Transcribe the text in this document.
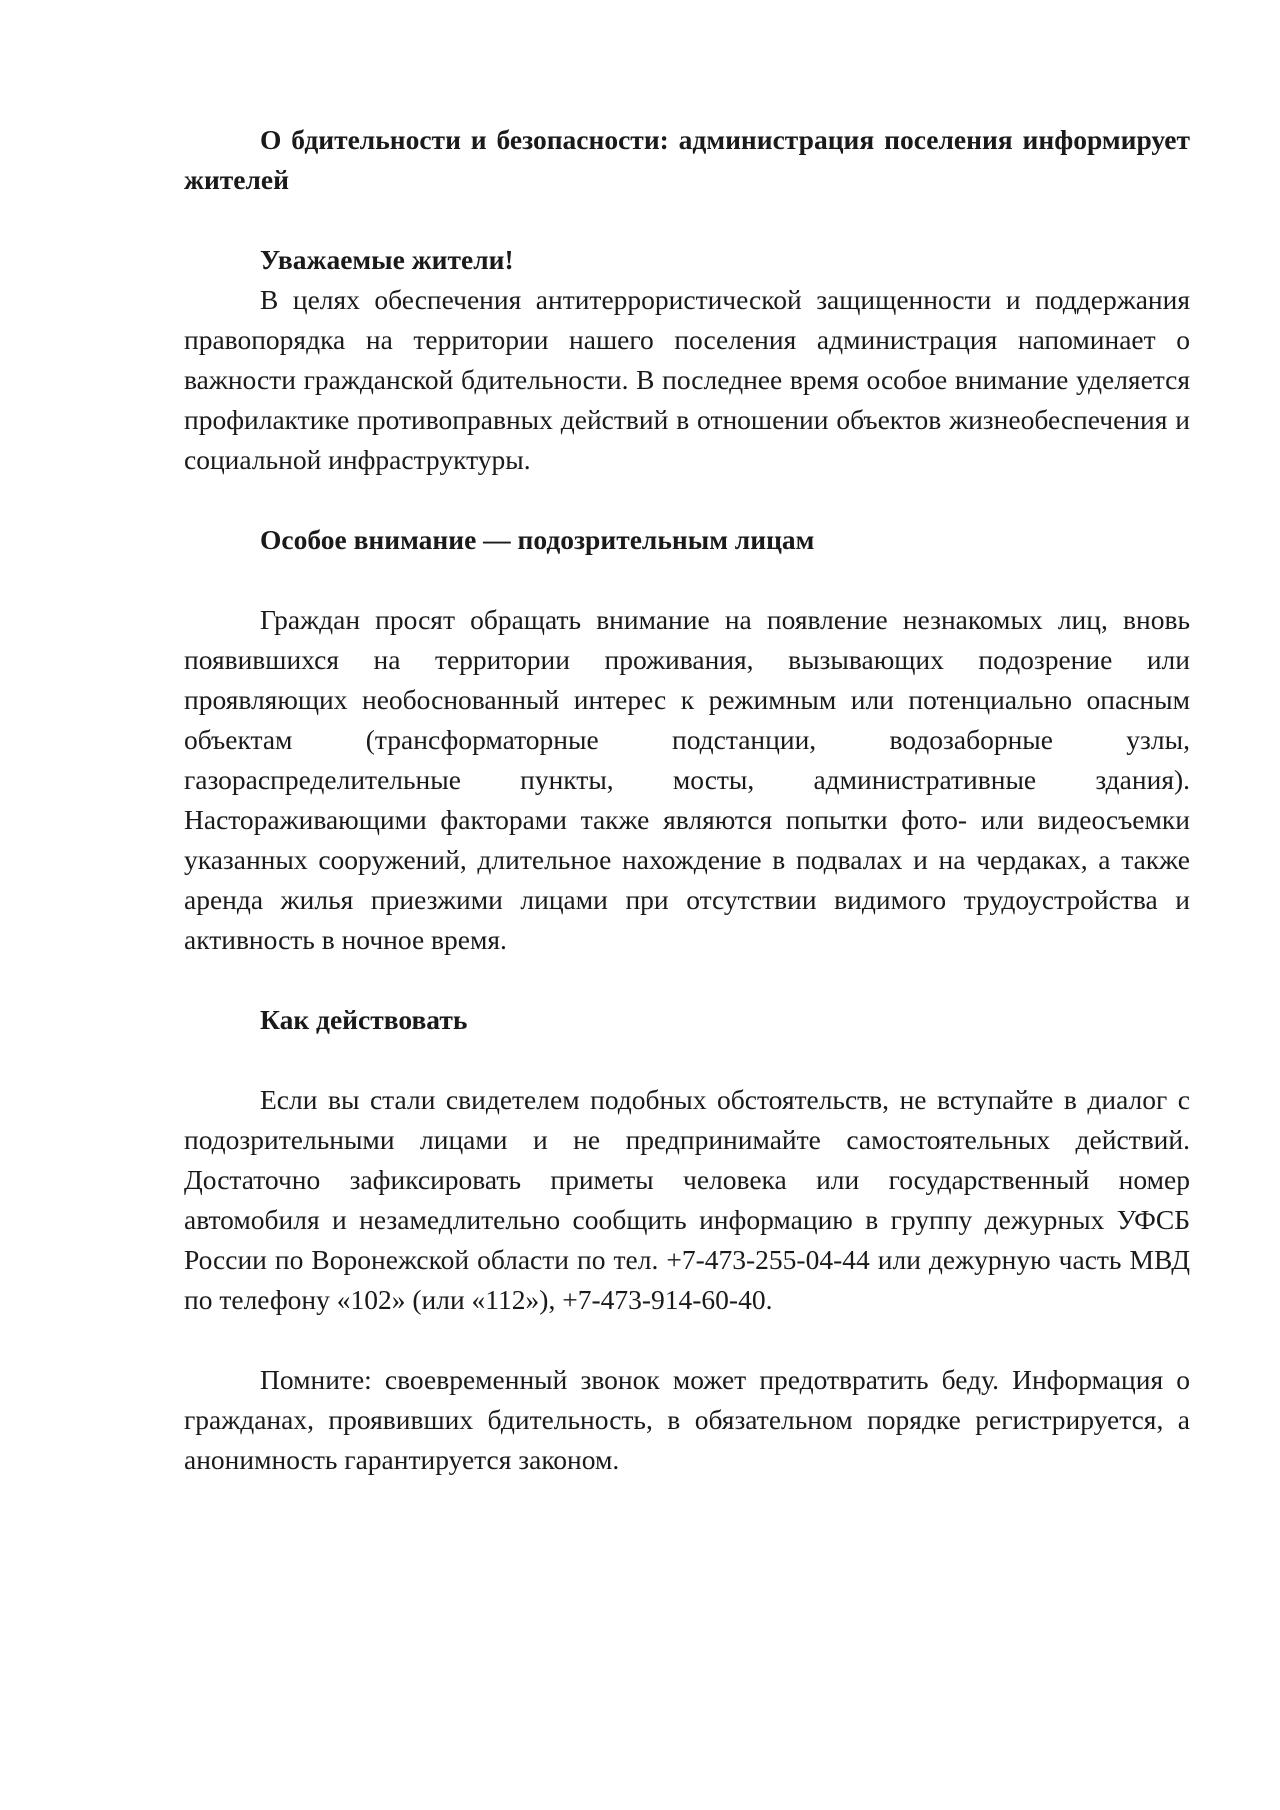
О бдительности и безопасности: администрация поселения информирует жителей

Уважаемые жители!

В целях обеспечения антитеррористической защищенности и поддержания правопорядка на территории нашего поселения администрация напоминает о важности гражданской бдительности. В последнее время особое внимание уделяется профилактике противоправных действий в отношении объектов жизнеобеспечения и социальной инфраструктуры.

Особое внимание — подозрительным лицам

Граждан просят обращать внимание на появление незнакомых лиц, вновь появившихся на территории проживания, вызывающих подозрение или проявляющих необоснованный интерес к режимным или потенциально опасным объектам (трансформаторные подстанции, водозаборные узлы, газораспределительные пункты, мосты, административные здания). Настораживающими факторами также являются попытки фото- или видеосъемки указанных сооружений, длительное нахождение в подвалах и на чердаках, а также аренда жилья приезжими лицами при отсутствии видимого трудоустройства и активность в ночное время.

Как действовать

Если вы стали свидетелем подобных обстоятельств, не вступайте в диалог с подозрительными лицами и не предпринимайте самостоятельных действий. Достаточно зафиксировать приметы человека или государственный номер автомобиля и незамедлительно сообщить информацию в группу дежурных УФСБ России по Воронежской области по тел. +7-473-255-04-44 или дежурную часть МВД по телефону «102» (или «112»), +7-473-914-60-40.

Помните: своевременный звонок может предотвратить беду. Информация о гражданах, проявивших бдительность, в обязательном порядке регистрируется, а анонимность гарантируется законом.
